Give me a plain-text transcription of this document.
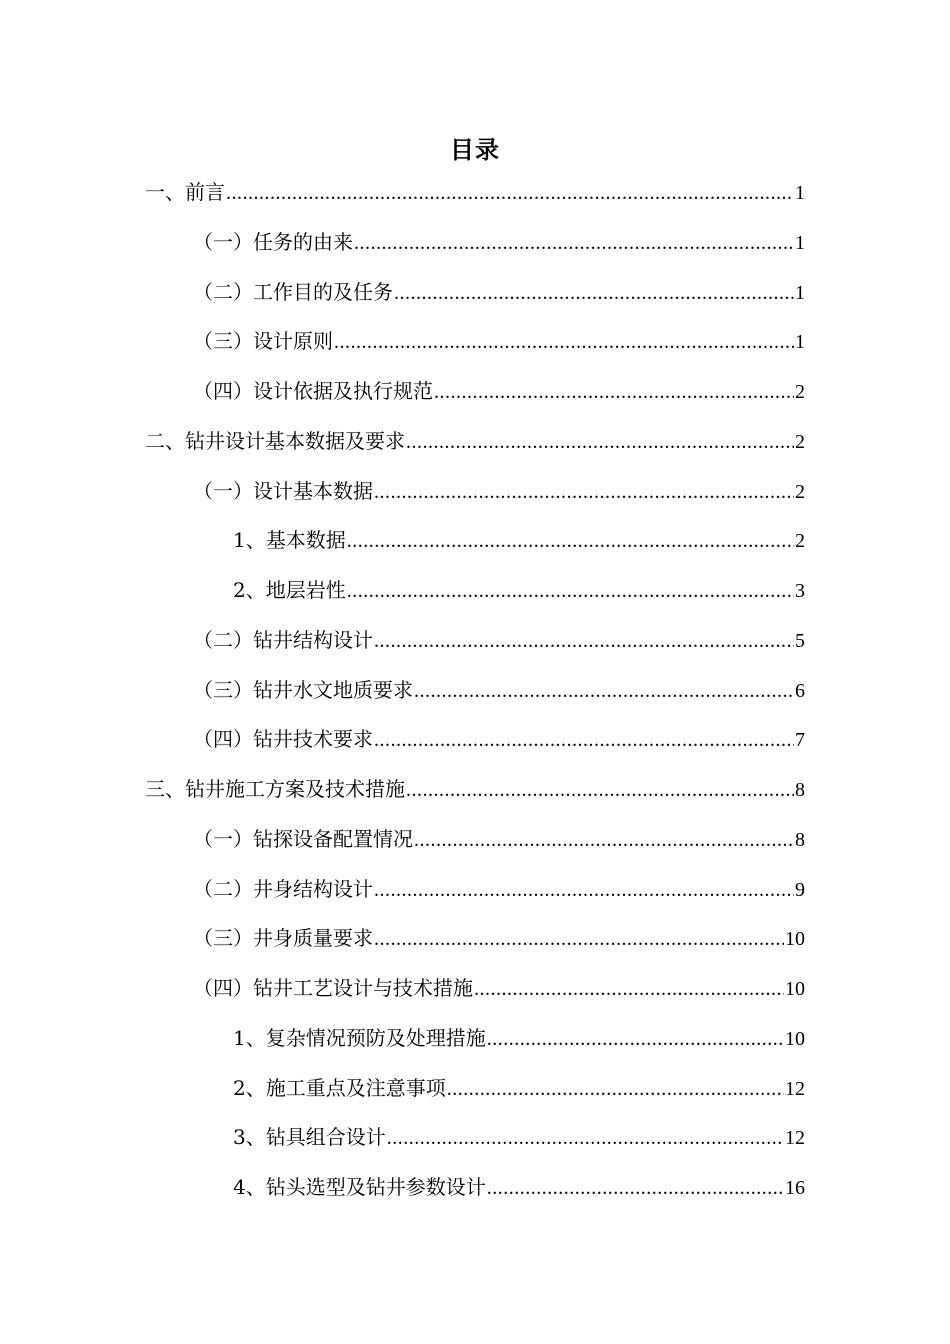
目录
一、前言 .....	1
（一）任务的由来 .....	1
（二）工作目的及任务 .....	1
（三）设计原则 .....	1
（四）设计依据及执行规范 .....	2
二、钻井设计基本数据及要求 .....	2
（一）设计基本数据 .....	2
1、基本数据 .....	2
2、地层岩性 .....	3
（二）钻井结构设计 .....	5
（三）钻井水文地质要求 .....	6
（四）钻井技术要求 .....	7
三、钻井施工方案及技术措施 .....	8
（一）钻探设备配置情况 .....	8
（二）井身结构设计 .....	9
（三）井身质量要求 .....	10
（四）钻井工艺设计与技术措施 .....	10
1、复杂情况预防及处理措施 .....	10
2、施工重点及注意事项 .....	12
3、钻具组合设计 .....	12
4、钻头选型及钻井参数设计 .....	16
